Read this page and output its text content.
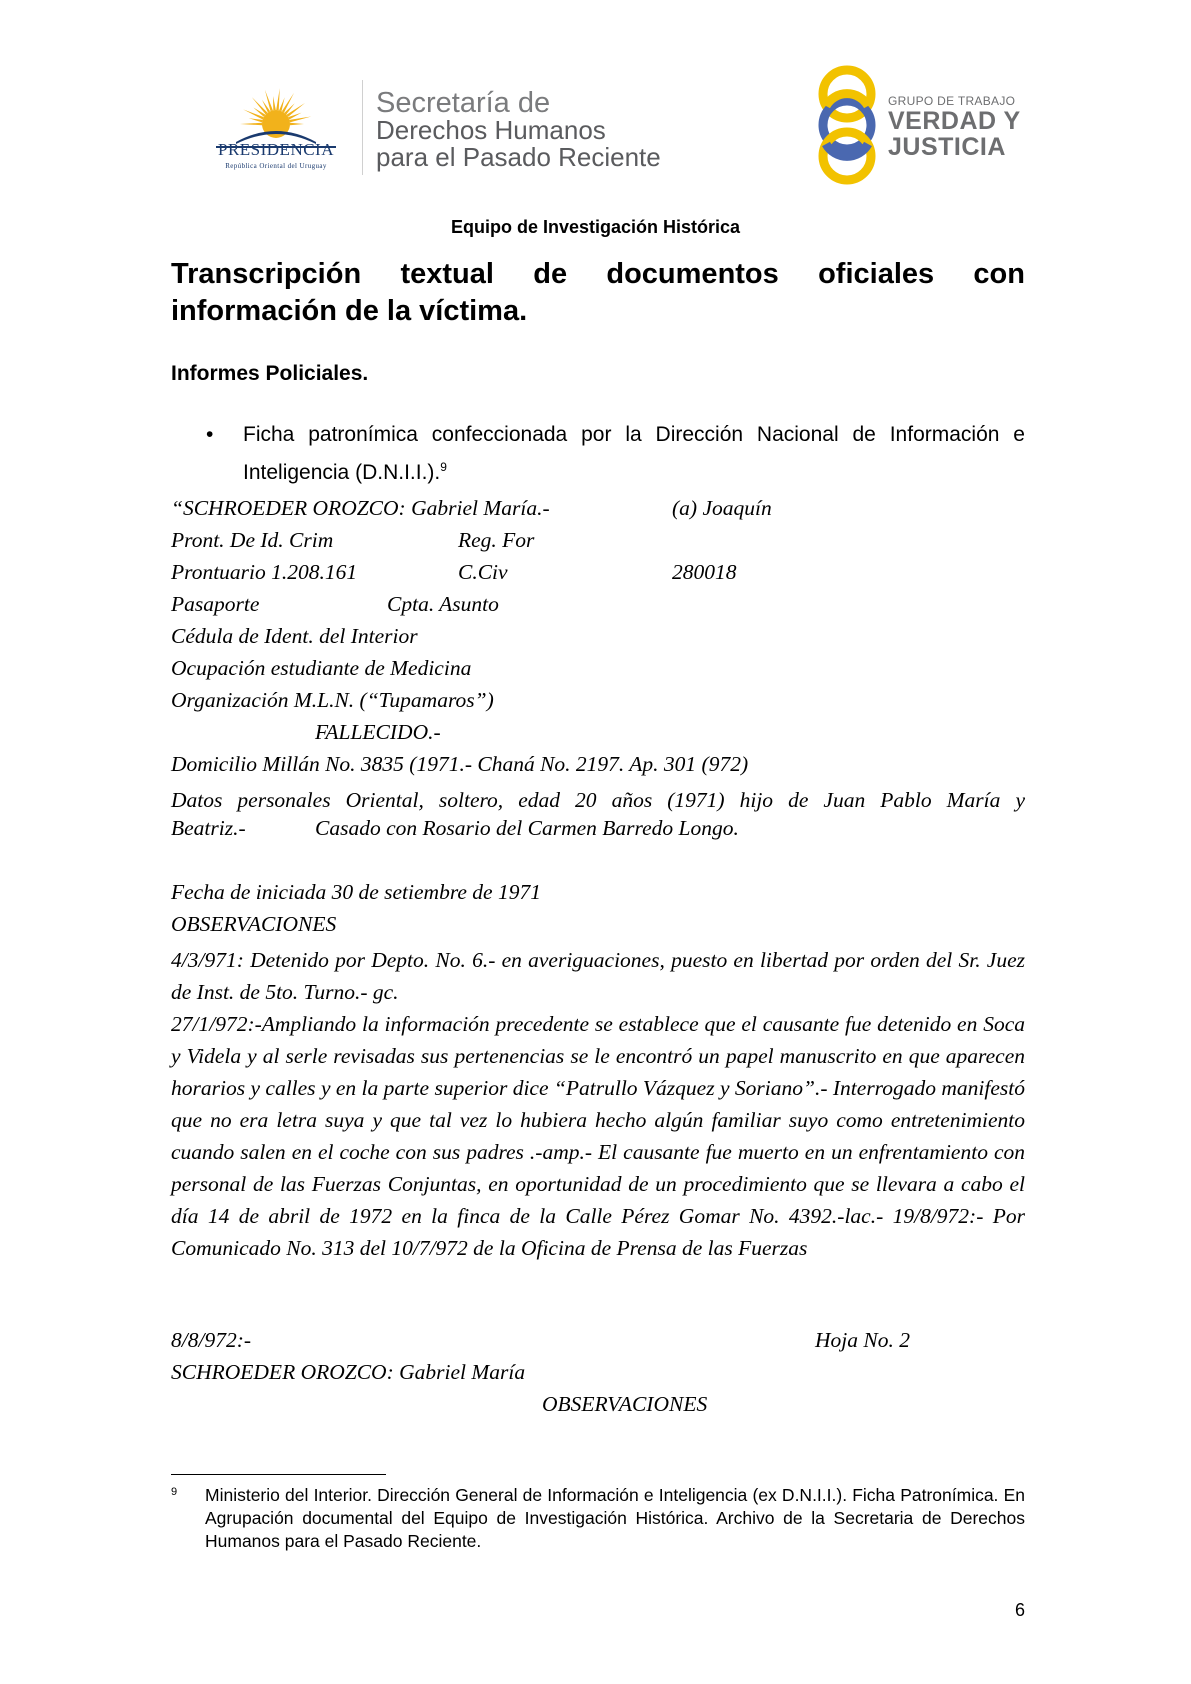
PRESIDENCIA
República Oriental del Uruguay
Secretaría de
Derechos Humanos
para el Pasado Reciente
GRUPO DE TRABAJO
VERDAD Y
JUSTICIA
Equipo de Investigación Histórica
Transcripción textual de documentos oficiales con información de la víctima.
Informes Policiales.
• Ficha patronímica confeccionada por la Dirección Nacional de Información e Inteligencia (D.N.I.I.).$^9$
“SCHROEDER OROZCO: Gabriel María.-	(a) Joaquín
Pront. De Id. Crim	Reg. For
Prontuario 1.208.161	C.Civ	280018
Pasaporte	Cpta. Asunto
Cédula de Ident. del Interior
Ocupación estudiante de Medicina
Organización M.L.N. (“Tupamaros”)
FALLECIDO.-
Domicilio Millán No. 3835 (1971.- Chaná No. 2197. Ap. 301 (972)
Datos personales Oriental, soltero, edad 20 años (1971) hijo de Juan Pablo María y
Beatriz.-	Casado con Rosario del Carmen Barredo Longo.
Fecha de iniciada 30 de setiembre de 1971
OBSERVACIONES
4/3/971: Detenido por Depto. No. 6.- en averiguaciones, puesto en libertad por orden del Sr. Juez de Inst. de 5to. Turno.- gc.
27/1/972:-Ampliando la información precedente se establece que el causante fue detenido en Soca y Videla y al serle revisadas sus pertenencias se le encontró un papel manuscrito en que aparecen horarios y calles y en la parte superior dice “Patrullo Vázquez y Soriano”.- Interrogado manifestó que no era letra suya y que tal vez lo hubiera hecho algún familiar suyo como entretenimiento cuando salen en el coche con sus padres .-amp.- El causante fue muerto en un enfrentamiento con personal de las Fuerzas Conjuntas, en oportunidad de un procedimiento que se llevara a cabo el día 14 de abril de 1972 en la finca de la Calle Pérez Gomar No. 4392.-lac.- 19/8/972:- Por Comunicado No. 313 del 10/7/972 de la Oficina de Prensa de las Fuerzas
8/8/972:-	Hoja No. 2
SCHROEDER OROZCO: Gabriel María
OBSERVACIONES
9 Ministerio del Interior. Dirección General de Información e Inteligencia (ex D.N.I.I.). Ficha Patronímica. En Agrupación documental del Equipo de Investigación Histórica. Archivo de la Secretaria de Derechos Humanos para el Pasado Reciente.
6
